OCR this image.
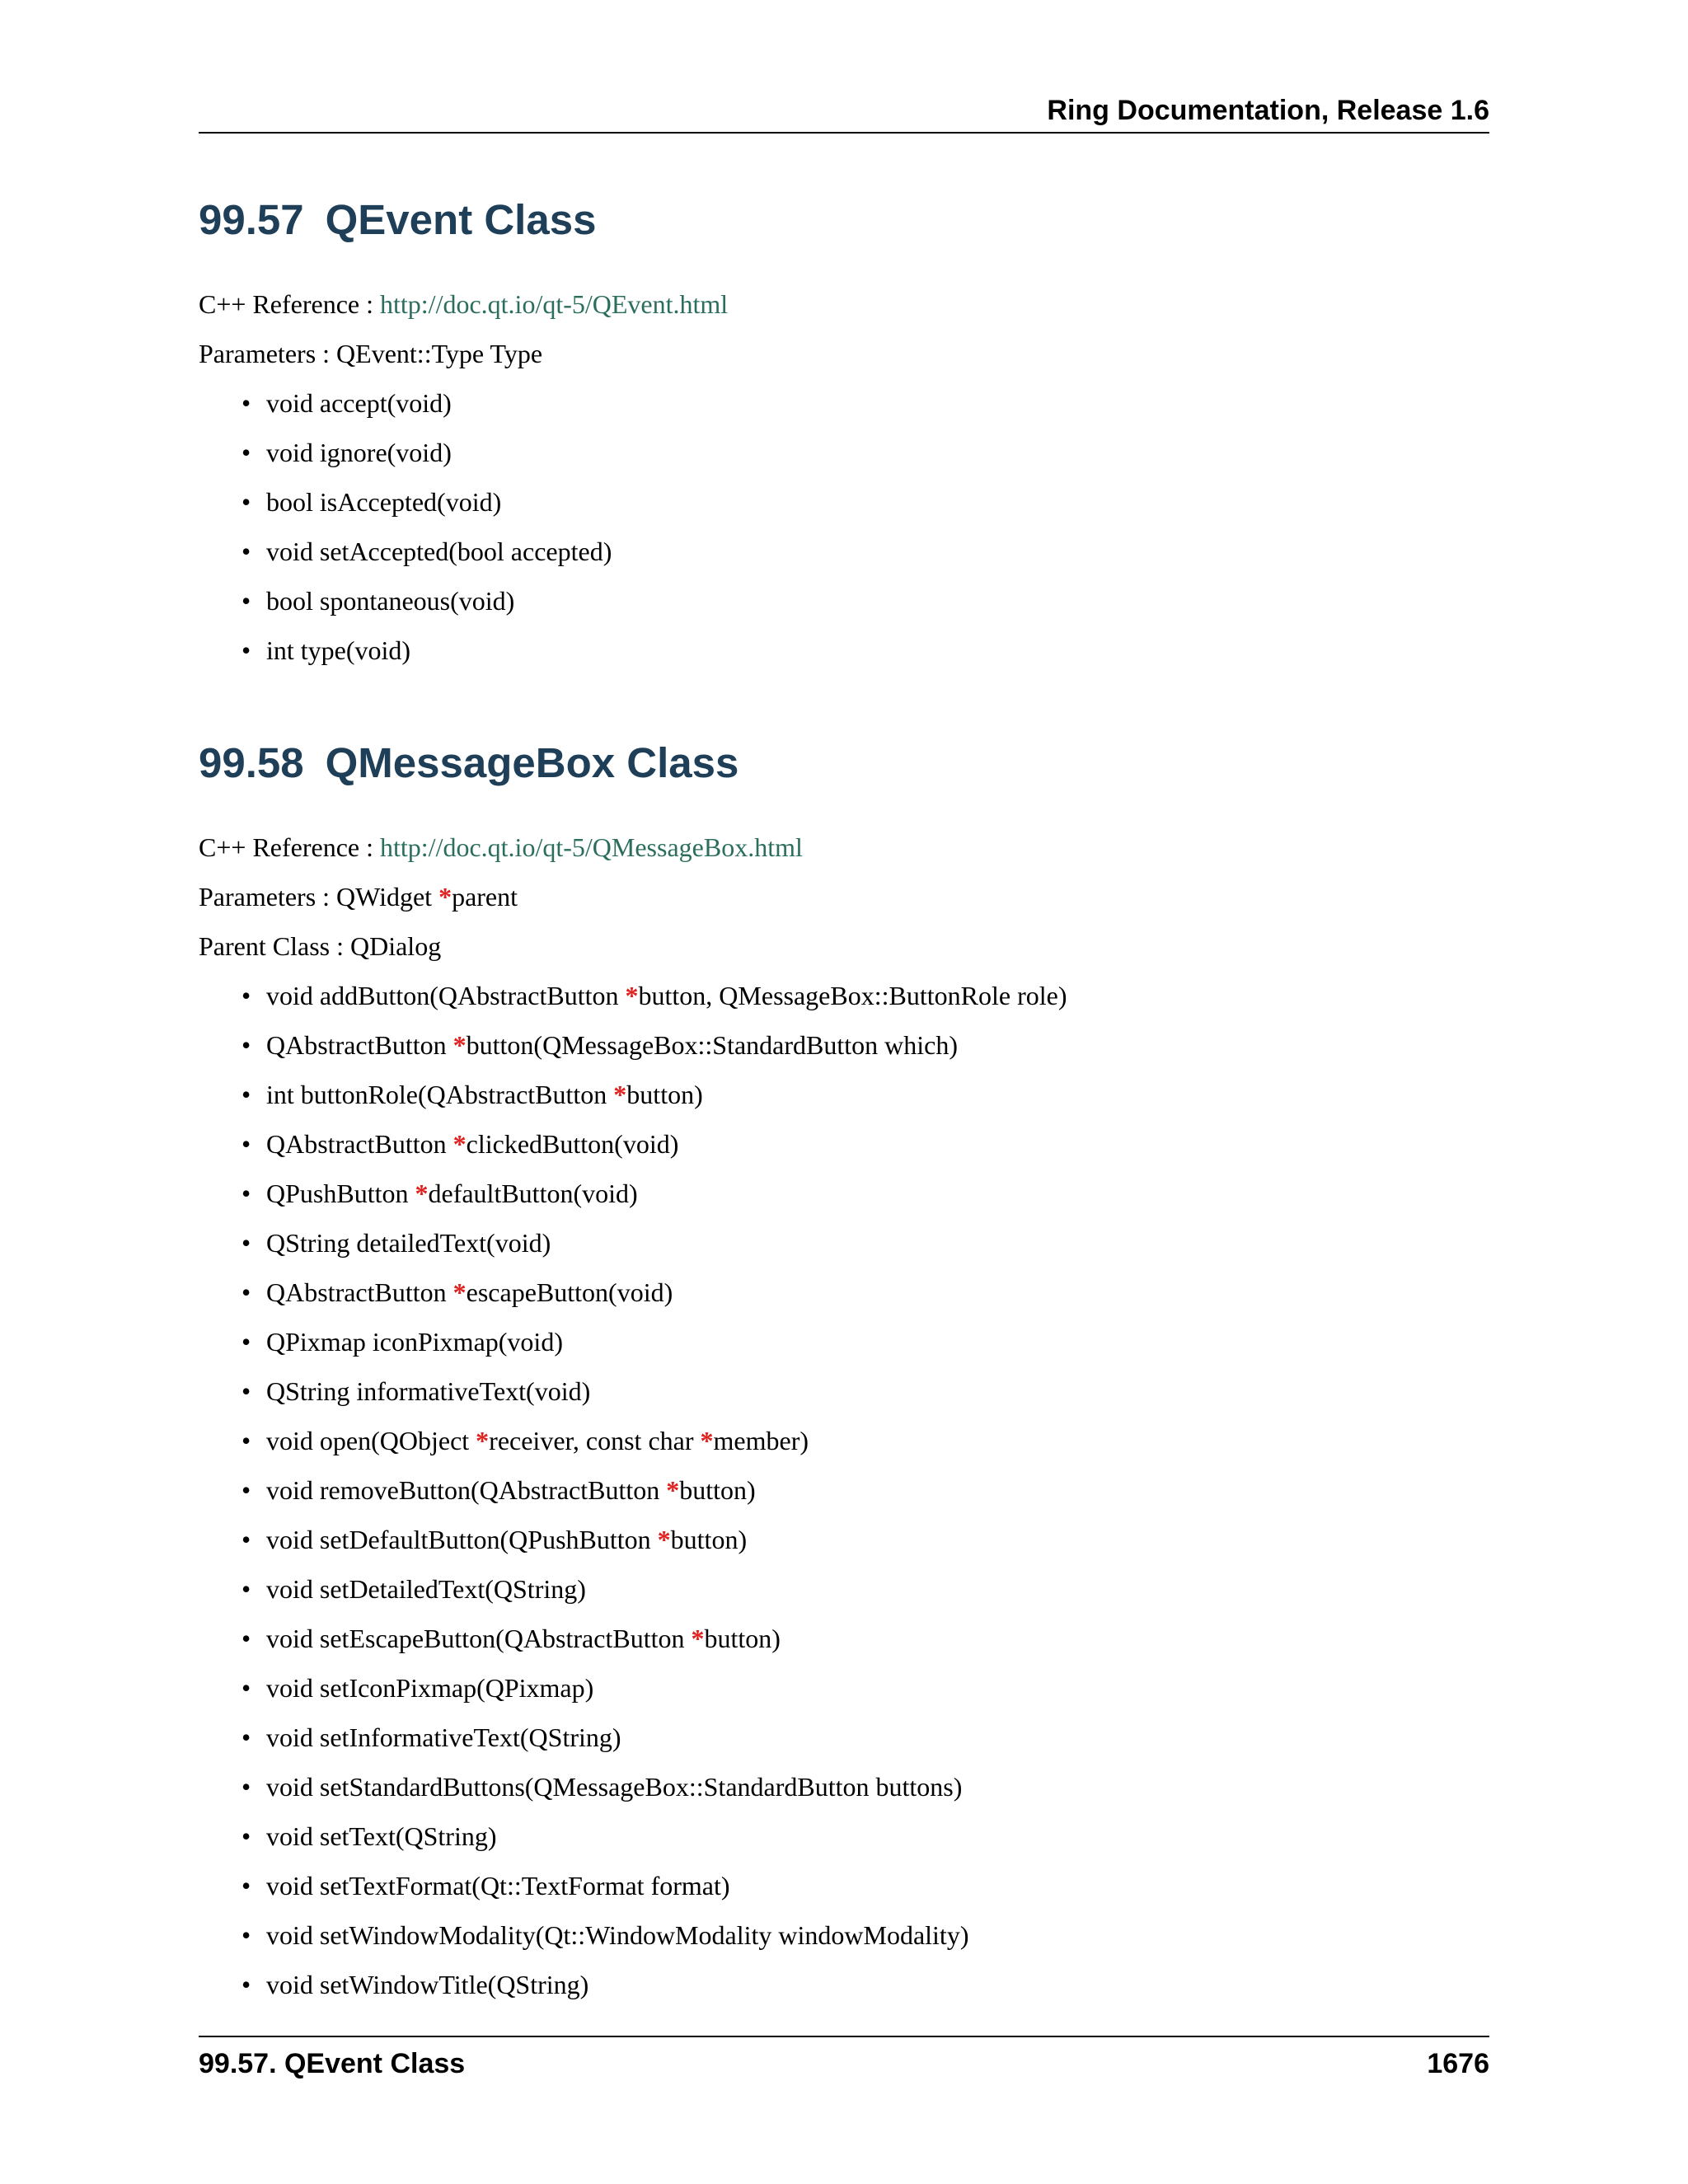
Ring Documentation, Release 1.6
99.57 QEvent Class

C++ Reference : http://doc.qt.io/qt-5/QEvent.html

Parameters : QEvent::Type Type

• void accept(void)
• void ignore(void)
• bool isAccepted(void)
• void setAccepted(bool accepted)
• bool spontaneous(void)
• int type(void)
99.58 QMessageBox Class

C++ Reference : http://doc.qt.io/qt-5/QMessageBox.html

Parameters : QWidget *parent

Parent Class : QDialog

• void addButton(QAbstractButton *button, QMessageBox::ButtonRole role)
• QAbstractButton *button(QMessageBox::StandardButton which)
• int buttonRole(QAbstractButton *button)
• QAbstractButton *clickedButton(void)
• QPushButton *defaultButton(void)
• QString detailedText(void)
• QAbstractButton *escapeButton(void)
• QPixmap iconPixmap(void)
• QString informativeText(void)
• void open(QObject *receiver, const char *member)
• void removeButton(QAbstractButton *button)
• void setDefaultButton(QPushButton *button)
• void setDetailedText(QString)
• void setEscapeButton(QAbstractButton *button)
• void setIconPixmap(QPixmap)
• void setInformativeText(QString)
• void setStandardButtons(QMessageBox::StandardButton buttons)
• void setText(QString)
• void setTextFormat(Qt::TextFormat format)
• void setWindowModality(Qt::WindowModality windowModality)
• void setWindowTitle(QString)
99.57. QEvent Class	1676
